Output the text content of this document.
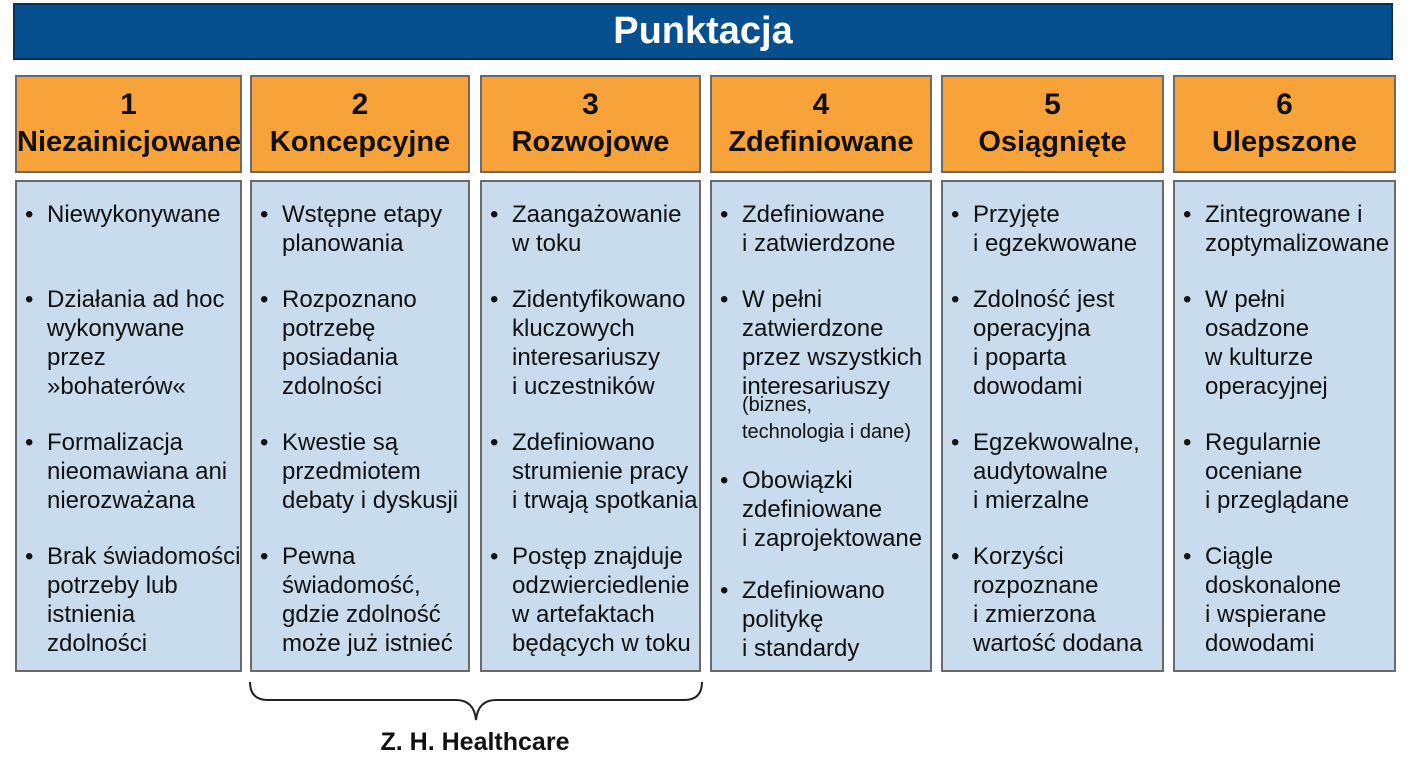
Punktacja
1
Niezainicjowane
• Niewykonywane
• Działania ad hoc
wykonywane
przez
»bohaterów«
• Formalizacja
nieomawiana ani
nierozważana
• Brak świadomości
potrzeby lub
istnienia
zdolności
2
Koncepcyjne
• Wstępne etapy
planowania
• Rozpoznano
potrzebę
posiadania
zdolności
• Kwestie są
przedmiotem
debaty i dyskusji
• Pewna
świadomość,
gdzie zdolność
może już istnieć
3
Rozwojowe
• Zaangażowanie
w toku
• Zidentyfikowano
kluczowych
interesariuszy
i uczestników
• Zdefiniowano
strumienie pracy
i trwają spotkania
• Postęp znajduje
odzwierciedlenie
w artefaktach
będących w toku
4
Zdefiniowane
• Zdefiniowane
i zatwierdzone
• W pełni
zatwierdzone
przez wszystkich
interesariuszy
(biznes,
technologia i dane)
• Obowiązki
zdefiniowane
i zaprojektowane
• Zdefiniowano
politykę
i standardy
5
Osiągnięte
• Przyjęte
i egzekwowane
• Zdolność jest
operacyjna
i poparta
dowodami
• Egzekwowalne,
audytowalne
i mierzalne
• Korzyści
rozpoznane
i zmierzona
wartość dodana
6
Ulepszone
• Zintegrowane i
zoptymalizowane
• W pełni
osadzone
w kulturze
operacyjnej
• Regularnie
oceniane
i przeglądane
• Ciągle
doskonalone
i wspierane
dowodami
Z. H. Healthcare
